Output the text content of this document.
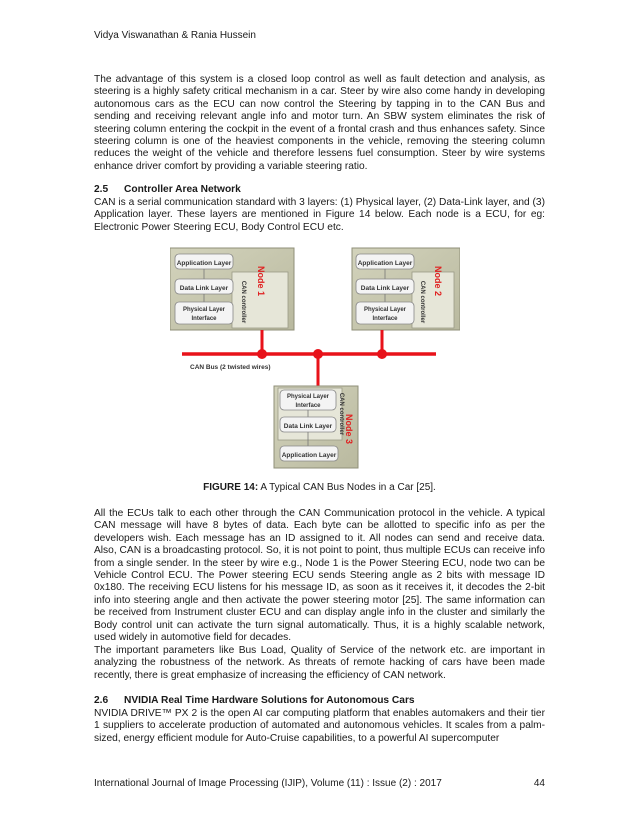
Vidya Viswanathan & Rania Hussein

The advantage of this system is a closed loop control as well as fault detection and analysis, as steering is a highly safety critical mechanism in a car. Steer by wire also come handy in developing autonomous cars as the ECU can now control the Steering by tapping in to the CAN Bus and sending and receiving relevant angle info and motor turn. An SBW system eliminates the risk of steering column entering the cockpit in the event of a frontal crash and thus enhances safety. Since steering column is one of the heaviest components in the vehicle, removing the steering column reduces the weight of the vehicle and therefore lessens fuel consumption. Steer by wire systems enhance driver comfort by providing a variable steering ratio.

2.5 Controller Area Network

CAN is a serial communication standard with 3 layers: (1) Physical layer, (2) Data-Link layer, and (3) Application layer. These layers are mentioned in Figure 14 below. Each node is a ECU, for eg: Electronic Power Steering ECU, Body Control ECU etc.

Application Layer
Data Link Layer
Physical Layer
Interface	CAN controller Node 1
Application Layer
Data Link Layer
Physical Layer
Interface	CAN controller Node 2
CAN Bus (2 twisted wires)
Physical Layer
Interface
Data Link Layer
Application Layer
CAN controller Node 3
FIGURE 14: A Typical CAN Bus Nodes in a Car [25].

All the ECUs talk to each other through the CAN Communication protocol in the vehicle. A typical CAN message will have 8 bytes of data. Each byte can be allotted to specific info as per the developers wish. Each message has an ID assigned to it. All nodes can send and receive data. Also, CAN is a broadcasting protocol. So, it is not point to point, thus multiple ECUs can receive info from a single sender. In the steer by wire e.g., Node 1 is the Power Steering ECU, node two can be Vehicle Control ECU. The Power steering ECU sends Steering angle as 2 bits with message ID 0x180. The receiving ECU listens for his message ID, as soon as it receives it, it decodes the 2-bit info into steering angle and then activate the power steering motor [25]. The same information can be received from Instrument cluster ECU and can display angle info in the cluster and similarly the Body control unit can activate the turn signal automatically. Thus, it is a highly scalable network, used widely in automotive field for decades.

The important parameters like Bus Load, Quality of Service of the network etc. are important in analyzing the robustness of the network. As threats of remote hacking of cars have been made recently, there is great emphasize of increasing the efficiency of CAN network.

2.6 NVIDIA Real Time Hardware Solutions for Autonomous Cars

NVIDIA DRIVE™ PX 2 is the open AI car computing platform that enables automakers and their tier 1 suppliers to accelerate production of automated and autonomous vehicles. It scales from a palm-sized, energy efficient module for Auto-Cruise capabilities, to a powerful AI supercomputer

International Journal of Image Processing (IJIP), Volume (11) : Issue (2) : 2017	44
